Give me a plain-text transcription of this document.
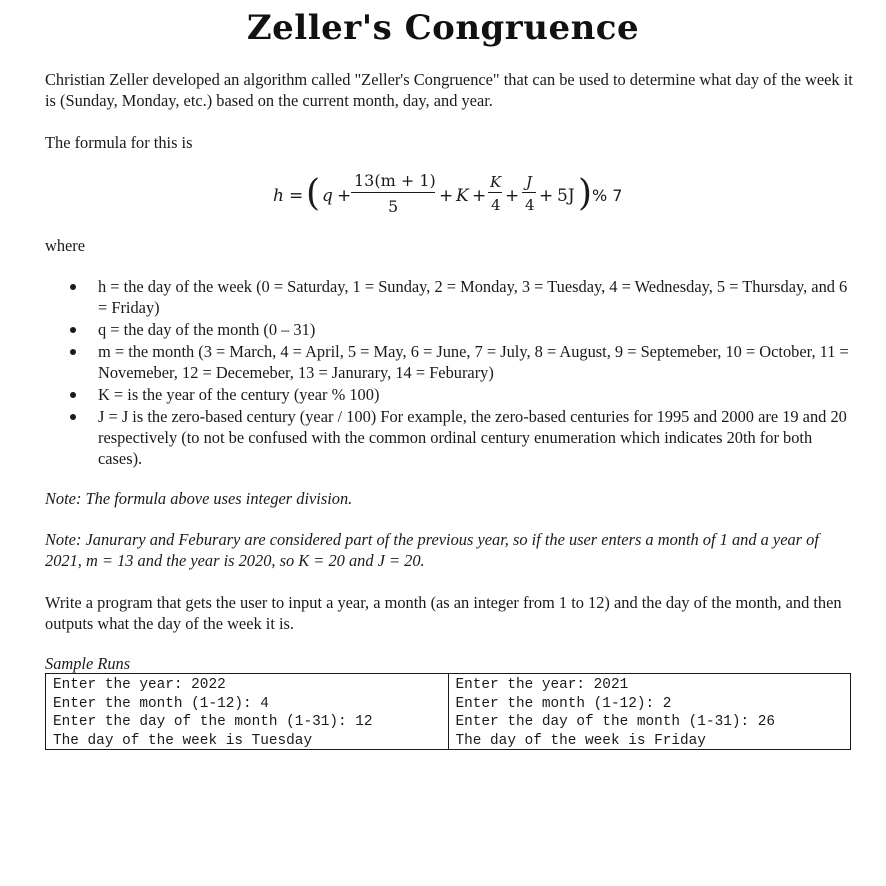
Zeller's Congruence
Christian Zeller developed an algorithm called "Zeller's Congruence" that can be used to determine what day of the week it is (Sunday, Monday, etc.) based on the current month, day, and year.
The formula for this is
h = ( q +
13(m + 1)
5
+ K +
K
4 +
J
4 + 5J ) % 7
where
h = the day of the week (0 = Saturday, 1 = Sunday, 2 = Monday, 3 = Tuesday, 4 = Wednesday, 5 = Thursday, and 6 = Friday)
q = the day of the month (0 – 31)
m = the month (3 = March, 4 = April, 5 = May, 6 = June, 7 = July, 8 = August, 9 = Septemeber, 10 = October, 11 = Novemeber, 12 = Decemeber, 13 = Janurary, 14 = Feburary)
K = is the year of the century (year % 100)
J = J is the zero-based century (year / 100) For example, the zero-based centuries for 1995 and 2000 are 19 and 20 respectively (to not be confused with the common ordinal century enumeration which indicates 20th for both cases).
Note: The formula above uses integer division.
Note: Janurary and Feburary are considered part of the previous year, so if the user enters a month of 1 and a year of 2021, m = 13 and the year is 2020, so K = 20 and J = 20.
Write a program that gets the user to input a year, a month (as an integer from 1 to 12) and the day of the month, and then outputs what the day of the week it is.
Sample Runs
Enter the year: 2022
Enter the month (1-12): 4
Enter the day of the month (1-31): 12
The day of the week is Tuesday
Enter the year: 2021
Enter the month (1-12): 2
Enter the day of the month (1-31): 26
The day of the week is Friday
